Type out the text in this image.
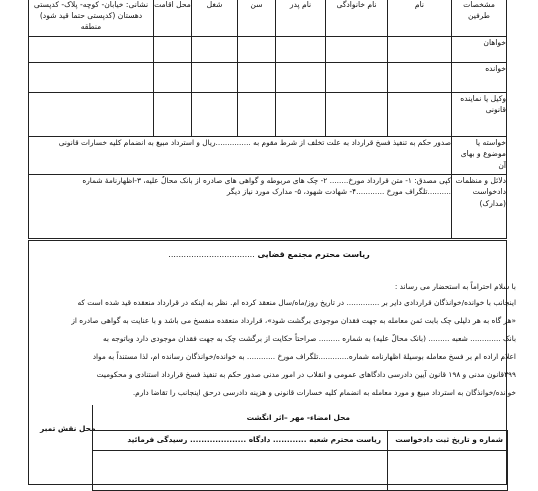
مشخصات طرفین	نام	نام خانوادگی	نام پدر	سن	شغل	محل اقامت	نشانی: خیابان- کوچه- پلاک- کدپستی دهستان (کدپستی حتما قید شود) منطقه
خواهان							
خوانده							
وکیل یا نماینده قانونی							
خواسته یا موضوع و بهای آن	صدور حکم به تنفیذ فسخ قرارداد به علت تخلف از شرط مقوم به ...............ریال و استرداد مبیغ به انضمام کلیه خسارات قانونی						
دلائل و منظمات دادخواست (مدارک)	کپی مصدق: ۱- متن قرارداد مورخ........ ۲- چک های مربوطه و گواهی های صادره از بانک محالٌ علیه، ۳-اظهارنامهٔ شماره
..........تلگراف مورخ ............۴- شهادت شهود، ۵- مدارک مورد نیاز دیگر						
ریاست محترم مجتمع قضایی ..................................
با سلام احتراماً به استحضار می رساند :
اینجانب با خوانده/خوانذگان قراردادی دایر بر .............. در تاریخ روز/ماه/سال منعقد کرده ام. نظر به اینکه در قرارداد منعقده قید شده است که
«هر گاه به هر دلیلی چک بابت ثمن معامله به جهت فقدان موجودی برگشت شود»، قرارداد منعقده منفسخ می باشد و با عنایت به گواهی صادره از
بانک ............. شعبه ......... (بانک محالٌ علیه) به شماره ......... صراحتاً حکایت از برگشت چک به جهت فقدان موجودی دارد وباتوجه به
اعلام اراده ام بر فسخ معامله بوسیلهٔ اظهارنامه شماره.............تلگراف مورخ ............ به خوانده/خوانذگان رسانده ام، لذا مستنداً به مواد
۳۹۹قانون مدنی و ۱۹۸ قانون آیین دادرسی دادگاهای عمومی و انقلاب در امور مدنی صدور حکم به تنفیذ فسخ قرارداد استنادی و محکومیت
خوانده/خوانذگان به استرداد مبیغ و مورد معامله به انضمام کلیه خسارات قانونی و هزینه دادرسی درحق اینجانب را تقاضا دارم.
محل امضاء- مهر –اثر انگشت
محل نقش تمبر
شماره و تاریخ ثبت دادخواست	ریاست محترم شعبه ............ دادگاه .................... رسیدگی فرمائید
